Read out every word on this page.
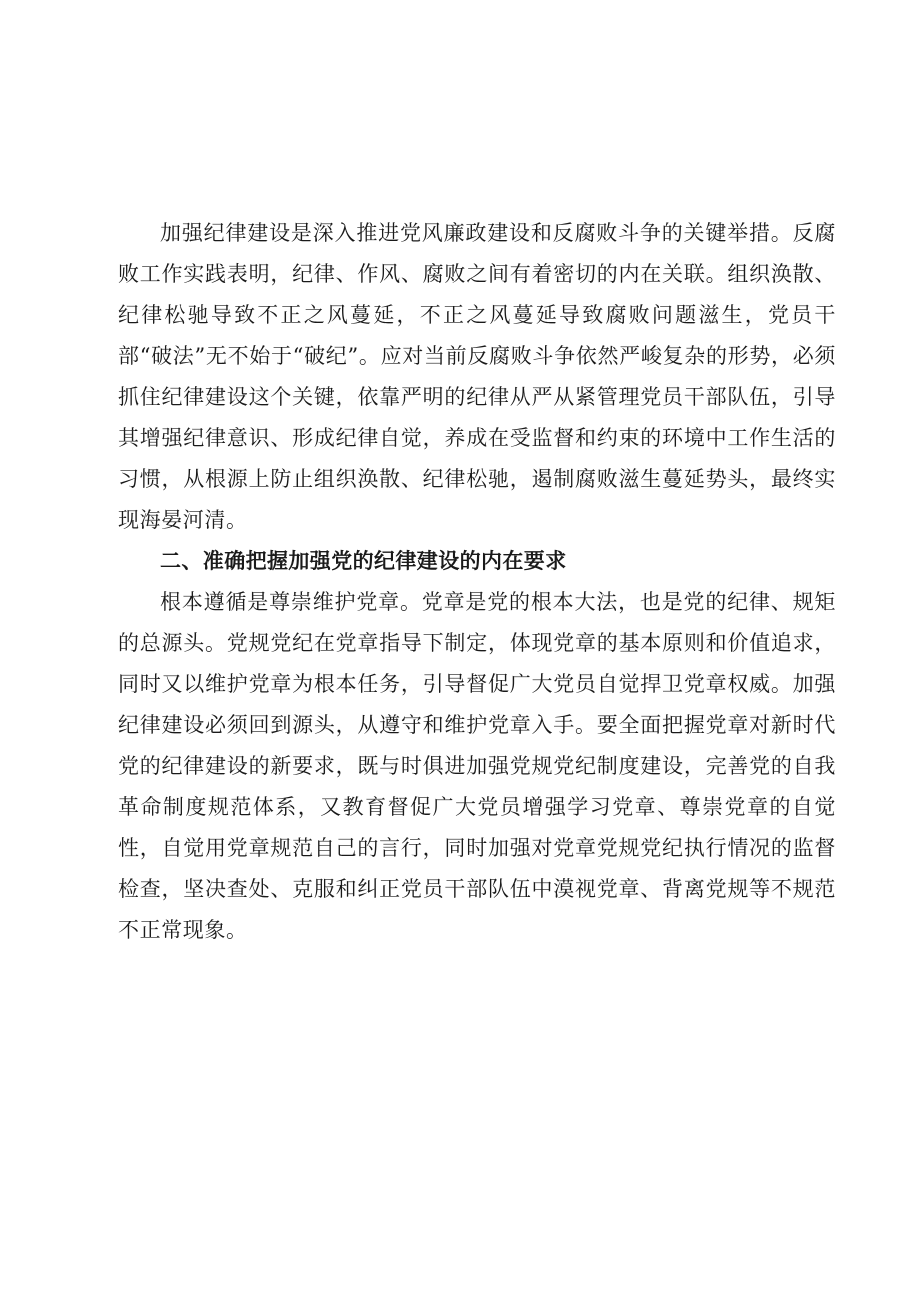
加强纪律建设是深入推进党风廉政建设和反腐败斗争的关键举措。反腐败工作实践表明，纪律、作风、腐败之间有着密切的内在关联。组织涣散、纪律松驰导致不正之风蔓延，不正之风蔓延导致腐败问题滋生，党员干部“破法”无不始于“破纪”。应对当前反腐败斗争依然严峻复杂的形势，必须抓住纪律建设这个关键，依靠严明的纪律从严从紧管理党员干部队伍，引导其增强纪律意识、形成纪律自觉，养成在受监督和约束的环境中工作生活的习惯，从根源上防止组织涣散、纪律松驰，遏制腐败滋生蔓延势头，最终实现海晏河清。

二、准确把握加强党的纪律建设的内在要求

根本遵循是尊崇维护党章。党章是党的根本大法，也是党的纪律、规矩的总源头。党规党纪在党章指导下制定，体现党章的基本原则和价值追求，同时又以维护党章为根本任务，引导督促广大党员自觉捍卫党章权威。加强纪律建设必须回到源头，从遵守和维护党章入手。要全面把握党章对新时代党的纪律建设的新要求，既与时俱进加强党规党纪制度建设，完善党的自我革命制度规范体系，又教育督促广大党员增强学习党章、尊崇党章的自觉性，自觉用党章规范自己的言行，同时加强对党章党规党纪执行情况的监督检查，坚决查处、克服和纠正党员干部队伍中漠视党章、背离党规等不规范不正常现象。
